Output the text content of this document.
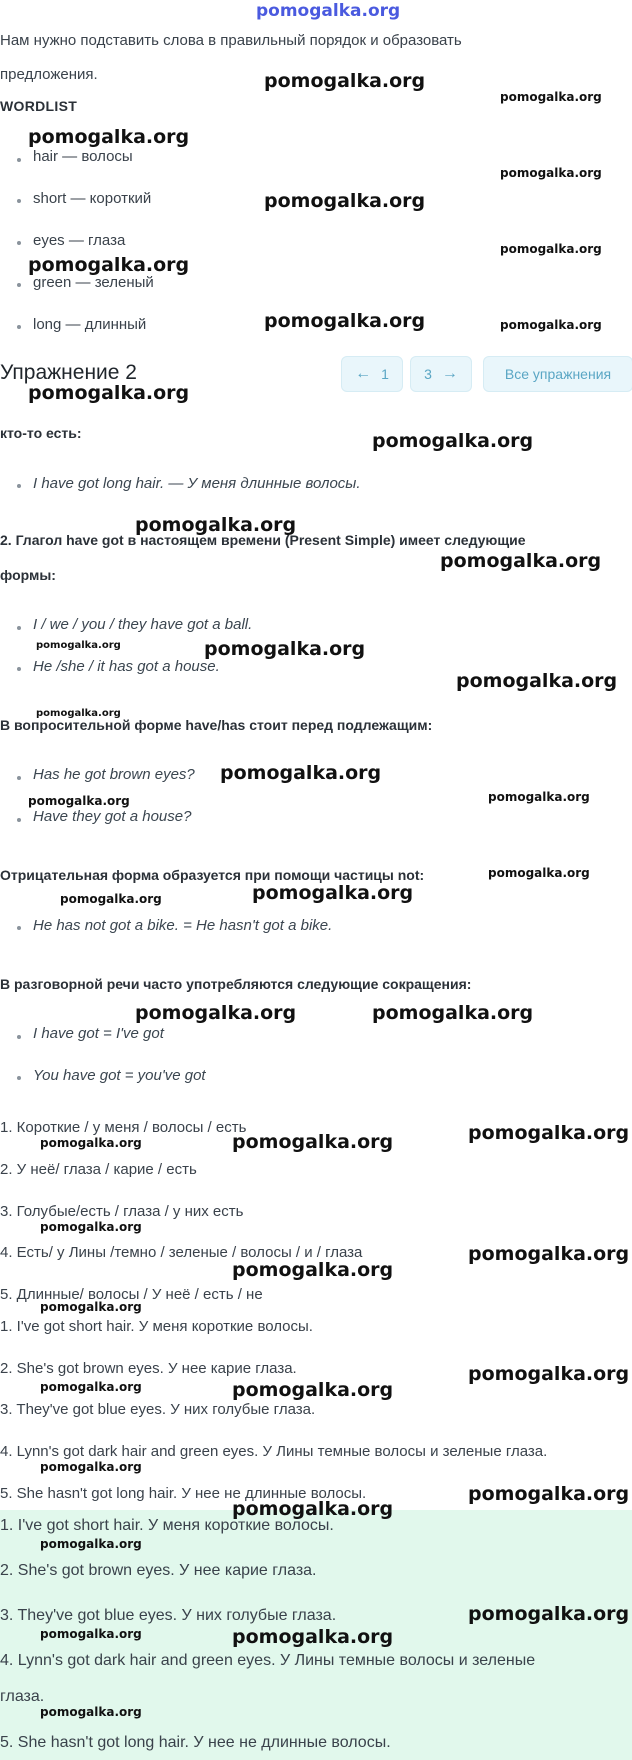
pomogalka.org
Нам нужно подставить слова в правильный порядок и образовать
предложения.
WORDLIST
hair — волосы
short — короткий
eyes — глаза
green — зеленый
long — длинный
Упражнение 2	← 1	3 →	Все упражнения
кто-то есть:
I have got long hair. — У меня длинные волосы.
2. Глагол have got в настоящем времени (Present Simple) имеет следующие
формы:
I / we / you / they have got a ball.
He /she / it has got a house.
В вопросительной форме have/has стоит перед подлежащим:
Has he got brown eyes?
Have they got a house?
Отрицательная форма образуется при помощи частицы not:
He has not got a bike. = He hasn't got a bike.
В разговорной речи часто употребляются следующие сокращения:
I have got = I've got
You have got = you've got
1. Короткие / у меня / волосы / есть
2. У неё/ глаза / карие / есть
3. Голубые/есть / глаза / у них есть
4. Есть/ у Лины /темно / зеленые / волосы / и / глаза
5. Длинные/ волосы / У неё / есть / не
1. I've got short hair. У меня короткие волосы.
2. She's got brown eyes. У нее карие глаза.
3. They've got blue eyes. У них голубые глаза.
4. Lynn's got dark hair and green eyes. У Лины темные волосы и зеленые глаза.
5. She hasn't got long hair. У нее не длинные волосы.
1. I've got short hair. У меня короткие волосы.
2. She's got brown eyes. У нее карие глаза.
3. They've got blue eyes. У них голубые глаза.
4. Lynn's got dark hair and green eyes. У Лины темные волосы и зеленые
глаза.
5. She hasn't got long hair. У нее не длинные волосы.
pomogalka.org
pomogalka.org
pomogalka.org
pomogalka.org
pomogalka.org
pomogalka.org
pomogalka.org
pomogalka.org	pomogalka.org
pomogalka.org
pomogalka.org
pomogalka.org
pomogalka.org
pomogalka.org	pomogalka.org
pomogalka.org
pomogalka.org
pomogalka.org
pomogalka.org	pomogalka.org
pomogalka.org
pomogalka.org	pomogalka.org
pomogalka.org	pomogalka.org
pomogalka.org
pomogalka.org	pomogalka.org
pomogalka.org
pomogalka.org
pomogalka.org
pomogalka.org
pomogalka.org
pomogalka.org
pomogalka.org
pomogalka.org
pomogalka.org
pomogalka.org
pomogalka.org
pomogalka.org
pomogalka.org	pomogalka.org
pomogalka.org
